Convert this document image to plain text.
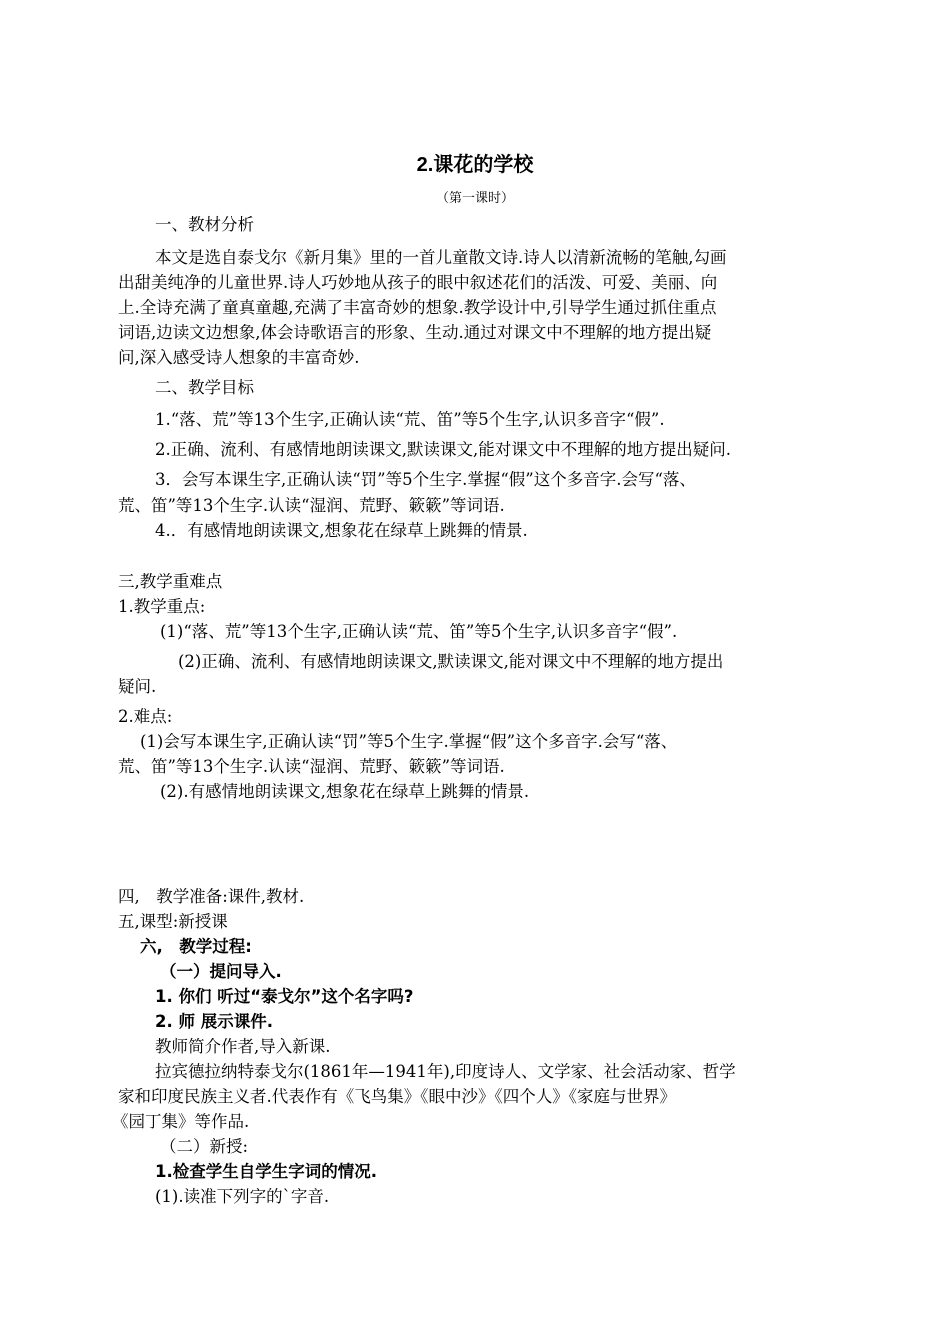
2.课花的学校

（第一课时）

一、教材分析

本文是选自泰戈尔《新月集》里的一首儿童散文诗.诗人以清新流畅的笔触,勾画

出甜美纯净的儿童世界.诗人巧妙地从孩子的眼中叙述花们的活泼、可爱、美丽、向

上.全诗充满了童真童趣,充满了丰富奇妙的想象.教学设计中,引导学生通过抓住重点

词语,边读文边想象,体会诗歌语言的形象、生动.通过对课文中不理解的地方提出疑

问,深入感受诗人想象的丰富奇妙.

二、教学目标

1.“落、荒”等13个生字,正确认读“荒、笛”等5个生字,认识多音字“假”.

2.正确、流利、有感情地朗读课文,默读课文,能对课文中不理解的地方提出疑问.

3．会写本课生字,正确认读“罚”等5个生字.掌握“假”这个多音字.会写“落、

荒、笛”等13个生字.认读“湿润、荒野、簌簌”等词语.

4.．有感情地朗读课文,想象花在绿草上跳舞的情景.

三,教学重难点

1.教学重点:

(1)“落、荒”等13个生字,正确认读“荒、笛”等5个生字,认识多音字“假”.

(2)正确、流利、有感情地朗读课文,默读课文,能对课文中不理解的地方提出

疑问.

2.难点:

(1)会写本课生字,正确认读“罚”等5个生字.掌握“假”这个多音字.会写“落、

荒、笛”等13个生字.认读“湿润、荒野、簌簌”等词语.

(2).有感情地朗读课文,想象花在绿草上跳舞的情景.

四,　教学准备:课件,教材.

五,课型:新授课

六,　教学过程:

（一）提问导入.

1. 你们 听过“泰戈尔”这个名字吗?

2. 师 展示课件.

教师简介作者,导入新课.

拉宾德拉纳特泰戈尔(1861年—1941年),印度诗人、文学家、社会活动家、哲学

家和印度民族主义者.代表作有《飞鸟集》《眼中沙》《四个人》《家庭与世界》

《园丁集》等作品.

（二）新授:

1.检查学生自学生字词的情况.

(1).读准下列字的`字音.
